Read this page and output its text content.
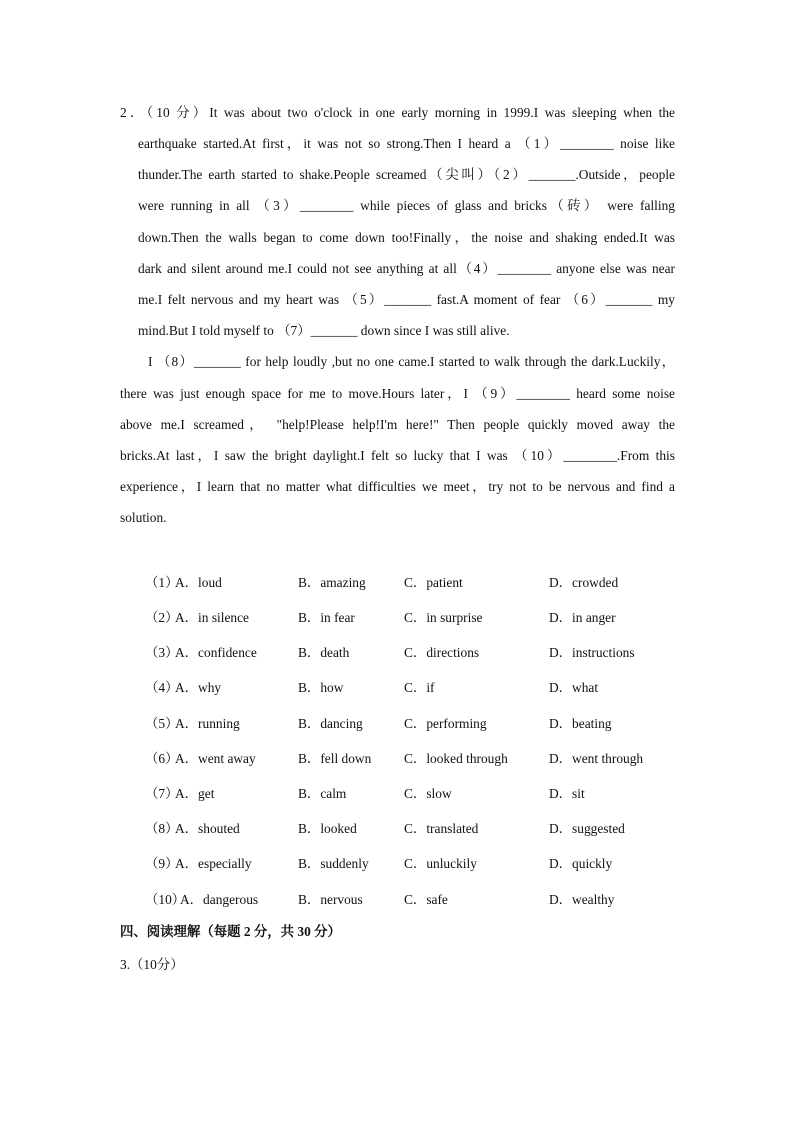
2．（10 分）It was about two o'clock in one early morning in 1999.I was sleeping when the
earthquake started.At first，it was not so strong.Then I heard a （1）________ noise like
thunder.The earth started to shake.People screamed（尖叫）（2）_______.Outside，people
were running in all （3）________ while pieces of glass and bricks（砖） were falling
down.Then the walls began to come down too!Finally，the noise and shaking ended.It was
dark and silent around me.I could not see anything at all（4）________ anyone else was near
me.I felt nervous and my heart was （5）_______ fast.A moment of fear （6）_______ my
mind.But I told myself to （7）_______ down since I was still alive.
I （8）_______ for help loudly ,but no one came.I started to walk through the dark.Luckily，
there was just enough space for me to move.Hours later，I （9）________ heard some noise
above me.I screamed， "help!Please help!I'm here!" Then people quickly moved away the
bricks.At last，I saw the bright daylight.I felt so lucky that I was （10）________.From this
experience，I learn that no matter what difficulties we meet，try not to be nervous and find a
solution.
（1）
A．loud	B．amazing	C．patient	D．crowded
（2）
A．in silence	B．in fear	C．in surprise	D．in anger
（3）
A．confidence	B．death	C．directions	D．instructions
（4）
A．why	B．how	C．if	D．what
（5）
A．running	B．dancing	C．performing	D．beating
（6）
A．went away	B．fell down C．looked through	D．went through
（7）
A．get	B．calm	C．slow	D．sit
（8）
A．shouted	B．looked	C．translated	D．suggested
（9）
A．especially	B．suddenly	C．unluckily	D．quickly
（10）
A．dangerous	B．nervous	C．safe	D．wealthy
四、阅读理解（每题 2 分，共 30 分）
3.（10分）
